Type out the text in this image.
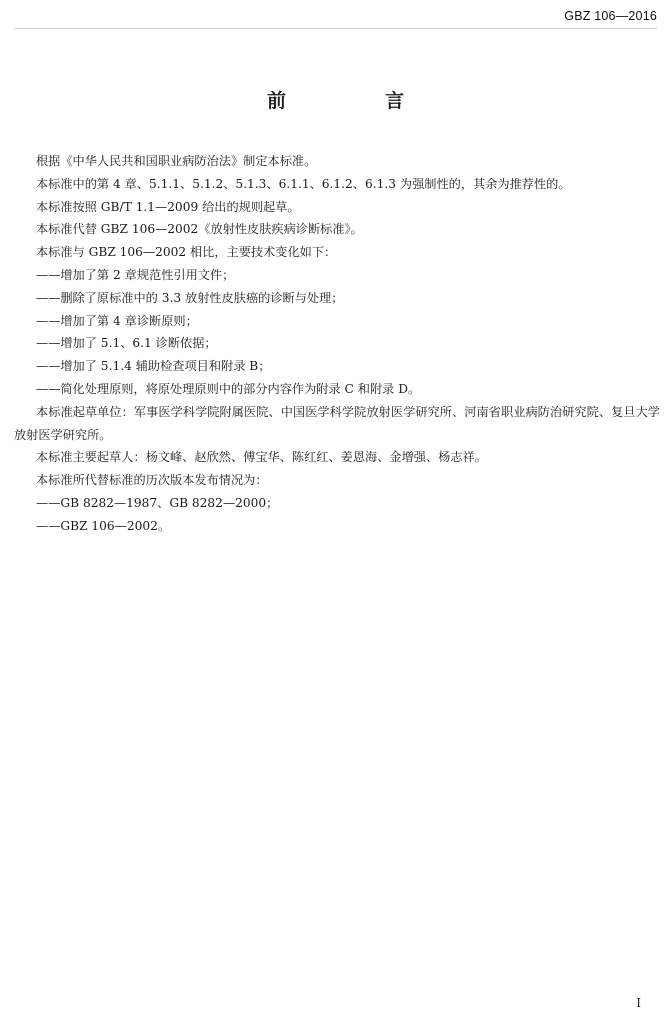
GBZ 106—2016
前　言

根据《中华人民共和国职业病防治法》制定本标准。

本标准中的第 4 章、5.1.1、5.1.2、5.1.3、6.1.1、6.1.2、6.1.3 为强制性的，其余为推荐性的。

本标准按照 GB/T 1.1—2009 给出的规则起草。

本标准代替 GBZ 106—2002《放射性皮肤疾病诊断标准》。

本标准与 GBZ 106—2002 相比，主要技术变化如下：

——增加了第 2 章规范性引用文件；

——删除了原标准中的 3.3 放射性皮肤癌的诊断与处理；

——增加了第 4 章诊断原则；

——增加了 5.1、6.1 诊断依据；

——增加了 5.1.4 辅助检查项目和附录 B；

——简化处理原则，将原处理原则中的部分内容作为附录 C 和附录 D。

本标准起草单位：军事医学科学院附属医院、中国医学科学院放射医学研究所、河南省职业病防治研究院、复旦大学放射医学研究所。

本标准主要起草人：杨文峰、赵欣然、傅宝华、陈红红、姜恩海、金增强、杨志祥。

本标准所代替标准的历次版本发布情况为：

——GB 8282—1987、GB 8282—2000；

——GBZ 106—2002。

I
